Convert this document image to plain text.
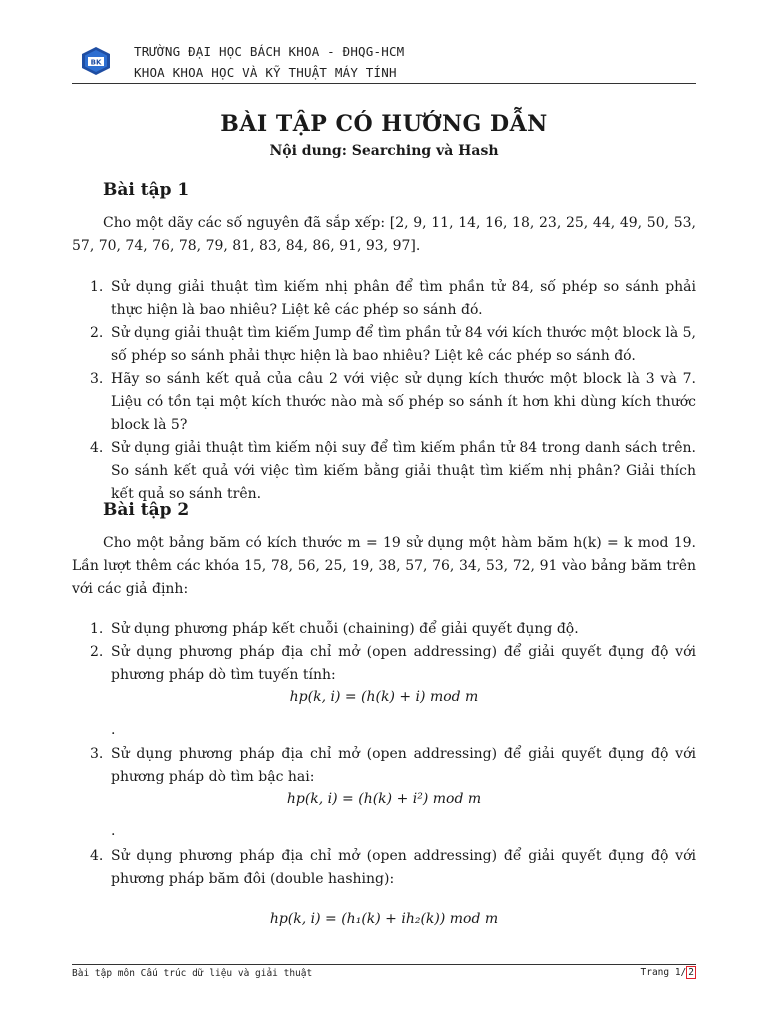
BK
TRƯỜNG ĐẠI HỌC BÁCH KHOA - ĐHQG-HCM
KHOA KHOA HỌC VÀ KỸ THUẬT MÁY TÍNH
BÀI TẬP CÓ HƯỚNG DẪN
Nội dung: Searching và Hash
Bài tập 1
Cho một dãy các số nguyên đã sắp xếp: [2, 9, 11, 14, 16, 18, 23, 25, 44, 49, 50, 53, 57, 70, 74, 76, 78, 79, 81, 83, 84, 86, 91, 93, 97].
1. Sử dụng giải thuật tìm kiếm nhị phân để tìm phần tử 84, số phép so sánh phải thực hiện là bao nhiêu? Liệt kê các phép so sánh đó.
2. Sử dụng giải thuật tìm kiếm Jump để tìm phần tử 84 với kích thước một block là 5, số phép so sánh phải thực hiện là bao nhiêu? Liệt kê các phép so sánh đó.
3. Hãy so sánh kết quả của câu 2 với việc sử dụng kích thước một block là 3 và 7. Liệu có tồn tại một kích thước nào mà số phép so sánh ít hơn khi dùng kích thước block là 5?
4. Sử dụng giải thuật tìm kiếm nội suy để tìm kiếm phần tử 84 trong danh sách trên. So sánh kết quả với việc tìm kiếm bằng giải thuật tìm kiếm nhị phân? Giải thích kết quả so sánh trên.
Bài tập 2
Cho một bảng băm có kích thước m = 19 sử dụng một hàm băm h(k) = k mod 19. Lần lượt thêm các khóa 15, 78, 56, 25, 19, 38, 57, 76, 34, 53, 72, 91 vào bảng băm trên với các giả định:
1. Sử dụng phương pháp kết chuỗi (chaining) để giải quyết đụng độ.
2. Sử dụng phương pháp địa chỉ mở (open addressing) để giải quyết đụng độ với phương pháp dò tìm tuyến tính:
hp(k, i) = (h(k) + i) mod m
.
3. Sử dụng phương pháp địa chỉ mở (open addressing) để giải quyết đụng độ với phương pháp dò tìm bậc hai:
hp(k, i) = (h(k) + i²) mod m
.
4. Sử dụng phương pháp địa chỉ mở (open addressing) để giải quyết đụng độ với phương pháp băm đôi (double hashing):
hp(k, i) = (h₁(k) + ih₂(k)) mod m
Bài tập môn Cấu trúc dữ liệu và giải thuật	Trang 1/ 2
